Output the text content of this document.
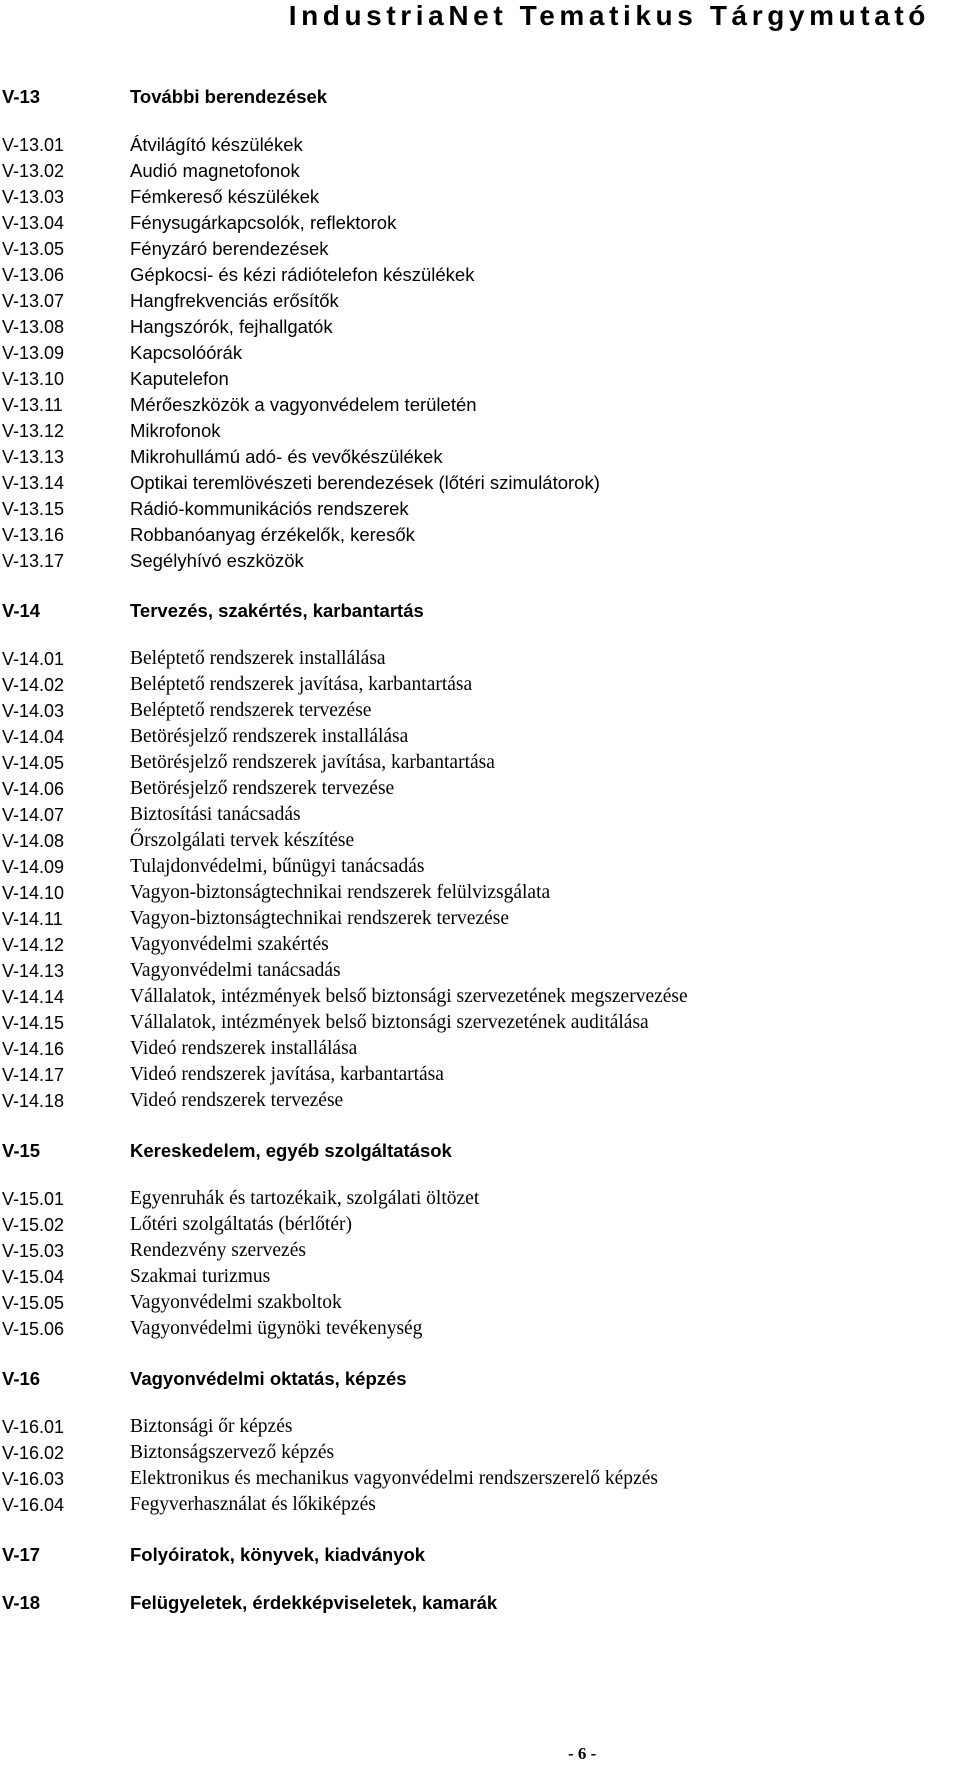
IndustriaNet Tematikus Tárgymutató
V-13	További berendezések
V-13.01	Átvilágító készülékek
V-13.02	Audió magnetofonok
V-13.03	Fémkereső készülékek
V-13.04	Fénysugárkapcsolók, reflektorok
V-13.05	Fényzáró berendezések
V-13.06	Gépkocsi- és kézi rádiótelefon készülékek
V-13.07	Hangfrekvenciás erősítők
V-13.08	Hangszórók, fejhallgatók
V-13.09	Kapcsolóórák
V-13.10	Kaputelefon
V-13.11	Mérőeszközök a vagyonvédelem területén
V-13.12	Mikrofonok
V-13.13	Mikrohullámú adó- és vevőkészülékek
V-13.14	Optikai teremlövészeti berendezések (lőtéri szimulátorok)
V-13.15	Rádió-kommunikációs rendszerek
V-13.16	Robbanóanyag érzékelők, keresők
V-13.17	Segélyhívó eszközök
V-14	Tervezés, szakértés, karbantartás
V-14.01	Beléptető rendszerek installálása
V-14.02	Beléptető rendszerek javítása, karbantartása
V-14.03	Beléptető rendszerek tervezése
V-14.04	Betörésjelző rendszerek installálása
V-14.05	Betörésjelző rendszerek javítása, karbantartása
V-14.06	Betörésjelző rendszerek tervezése
V-14.07	Biztosítási tanácsadás
V-14.08	Őrszolgálati tervek készítése
V-14.09	Tulajdonvédelmi, bűnügyi tanácsadás
V-14.10	Vagyon-biztonságtechnikai rendszerek felülvizsgálata
V-14.11	Vagyon-biztonságtechnikai rendszerek tervezése
V-14.12	Vagyonvédelmi szakértés
V-14.13	Vagyonvédelmi tanácsadás
V-14.14	Vállalatok, intézmények belső biztonsági szervezetének megszervezése
V-14.15	Vállalatok, intézmények belső biztonsági szervezetének auditálása
V-14.16	Videó rendszerek installálása
V-14.17	Videó rendszerek javítása, karbantartása
V-14.18	Videó rendszerek tervezése
V-15	Kereskedelem, egyéb szolgáltatások
V-15.01	Egyenruhák és tartozékaik, szolgálati öltözet
V-15.02	Lőtéri szolgáltatás (bérlőtér)
V-15.03	Rendezvény szervezés
V-15.04	Szakmai turizmus
V-15.05	Vagyonvédelmi szakboltok
V-15.06	Vagyonvédelmi ügynöki tevékenység
V-16	Vagyonvédelmi oktatás, képzés
V-16.01	Biztonsági őr képzés
V-16.02	Biztonságszervező képzés
V-16.03	Elektronikus és mechanikus vagyonvédelmi rendszerszerelő képzés
V-16.04	Fegyverhasználat és lőkiképzés
V-17	Folyóiratok, könyvek, kiadványok
V-18	Felügyeletek, érdekképviseletek, kamarák
- 6 -
